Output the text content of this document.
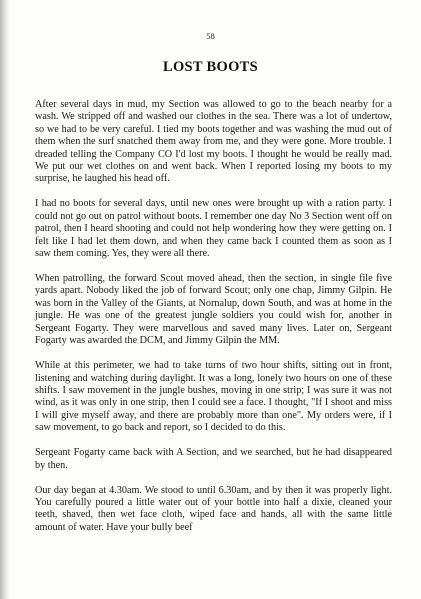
58
LOST BOOTS

After several days in mud, my Section was allowed to go to the beach nearby for a wash. We stripped off and washed our clothes in the sea. There was a lot of undertow, so we had to be very careful. I tied my boots together and was washing the mud out of them when the surf snatched them away from me, and they were gone. More trouble. I dreaded telling the Company CO I'd lost my boots. I thought he would be really mad. We put our wet clothes on and went back. When I reported losing my boots to my surprise, he laughed his head off.

I had no boots for several days, until new ones were brought up with a ration party. I could not go out on patrol without boots. I remember one day No 3 Section went off on patrol, then I heard shooting and could not help wondering how they were getting on. I felt like I had let them down, and when they came back I counted them as soon as I saw them coming. Yes, they were all there.

When patrolling, the forward Scout moved ahead, then the section, in single file five yards apart. Nobody liked the job of forward Scout; only one chap, Jimmy Gilpin. He was born in the Valley of the Giants, at Nornalup, down South, and was at home in the jungle. He was one of the greatest jungle soldiers you could wish for, another in Sergeant Fogarty. They were marvellous and saved many lives. Later on, Sergeant Fogarty was awarded the DCM, and Jimmy Gilpin the MM.

While at this perimeter, we had to take turns of two hour shifts, sitting out in front, listening and watching during daylight. It was a long, lonely two hours on one of these shifts. I saw movement in the jungle bushes, moving in one strip; I was sure it was not wind, as it was only in one strip, then I could see a face. I thought, "If I shoot and miss I will give myself away, and there are probably more than one". My orders were, if I saw movement, to go back and report, so I decided to do this.

Sergeant Fogarty came back with A Section, and we searched, but he had disappeared by then.

Our day began at 4.30am. We stood to until 6.30am, and by then it was properly light. You carefully poured a little water out of your bottle into half a dixie, cleaned your teeth, shaved, then wet face cloth, wiped face and hands, all with the same little amount of water. Have your bully beef
